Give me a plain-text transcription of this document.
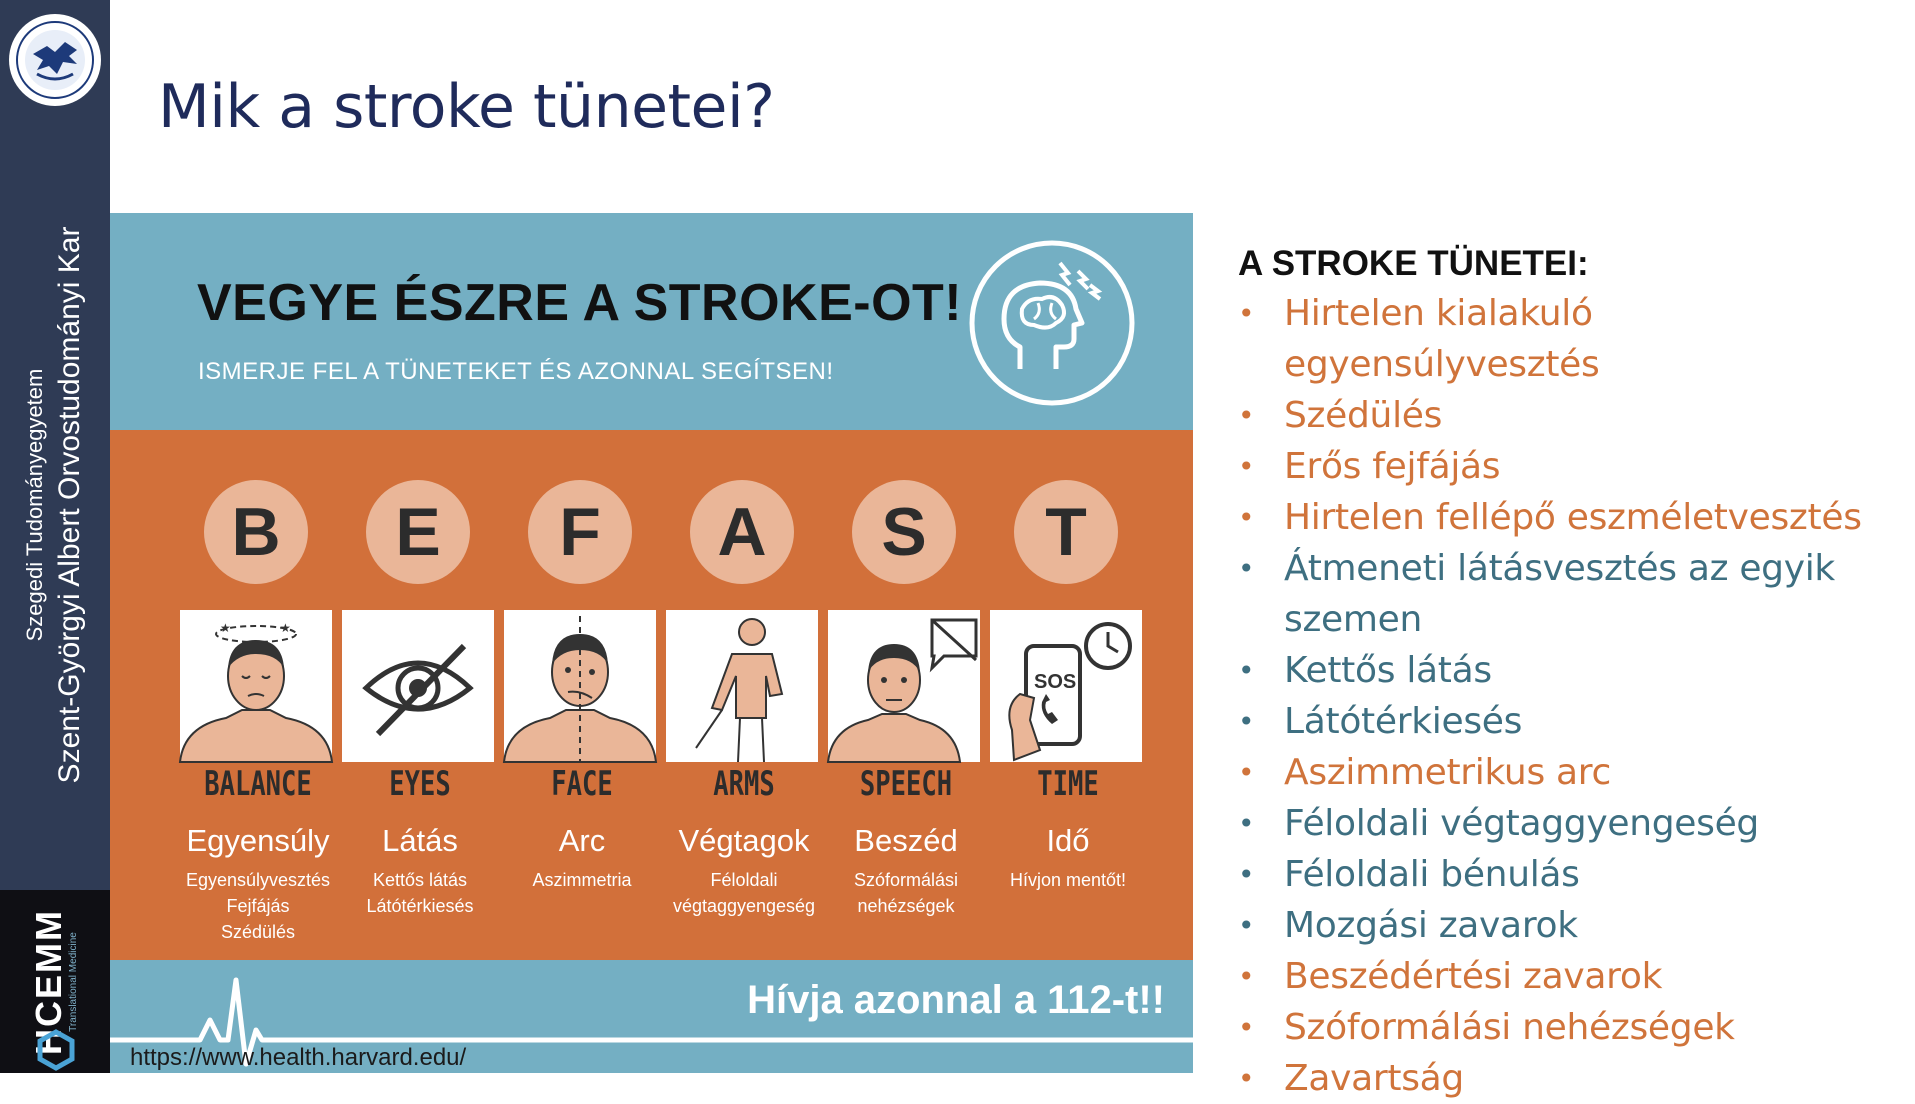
Szegedi Tudományegyetem Szent-Györgyi Albert Orvostudományi Kar
HCEMM Translational Medicine
Mik a stroke tünetei?
VEGYE ÉSZRE A STROKE-OT!
ISMERJE FEL A TÜNETEKET ÉS AZONNAL SEGÍTSEN!
B
★	★
BALANCE
Egyensúly
Egyensúlyvesztés
Fejfájás
Szédülés
E
EYES
Látás
Kettős látás
Látótérkiesés
F
FACE
Arc
Aszimmetria
A
ARMS
Végtagok
Féloldali
végtaggyengeség
S
SPEECH
Beszéd
Szóformálási
nehézségek
T
SOS
TIME
Idő
Hívjon mentőt!
Hívja azonnal a 112-t!!
https://www.health.harvard.edu/
A STROKE TÜNETEI:
• Hirtelen kialakuló egyensúlyvesztés
• Szédülés
• Erős fejfájás
• Hirtelen fellépő eszméletvesztés
• Átmeneti látásvesztés az egyik
szemen
• Kettős látás
• Látótérkiesés
• Aszimmetrikus arc
• Féloldali végtaggyengeség
• Féloldali bénulás
• Mozgási zavarok
• Beszédértési zavarok
• Szóformálási nehézségek
• Zavartság
